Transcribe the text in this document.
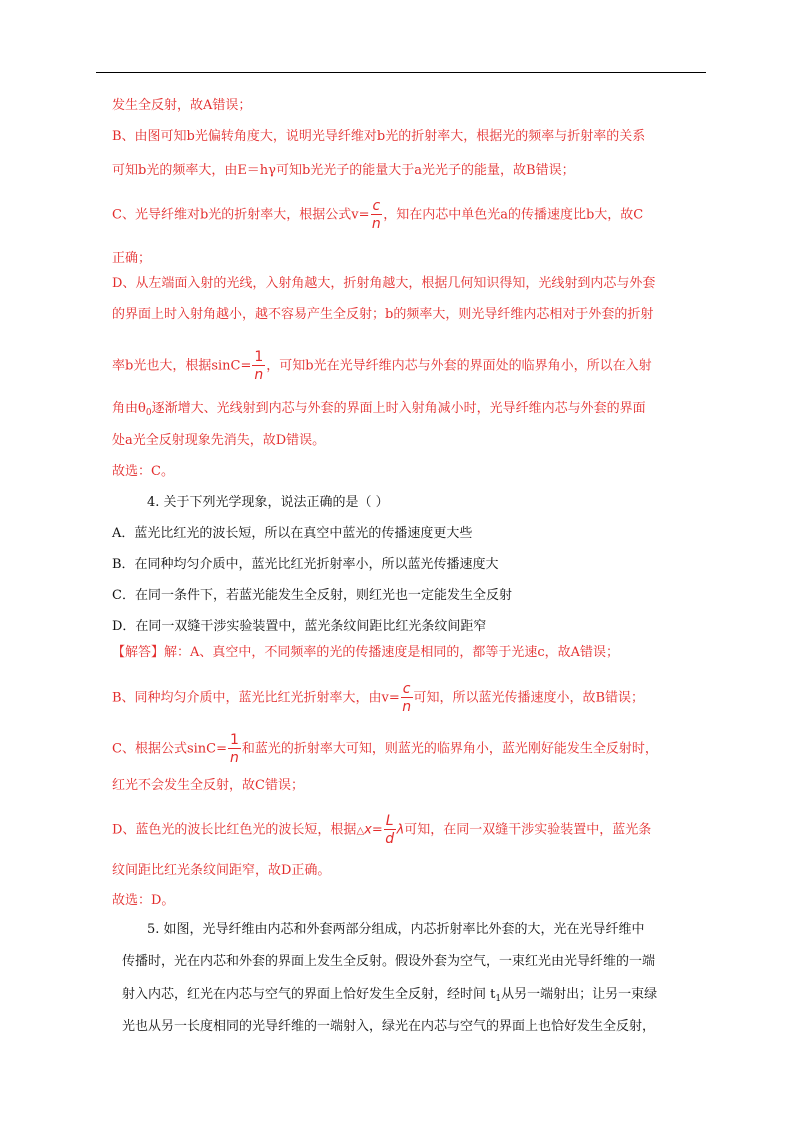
发生全反射，故A错误；
B、由图可知b光偏转角度大，说明光导纤维对b光的折射率大，根据光的频率与折射率的关系
可知b光的频率大，由E＝hγ可知b光光子的能量大于a光光子的能量，故B错误；
C、光导纤维对b光的折射率大，根据公式$v= \frac{c}{n}$ ，知在内芯中单色光a的传播速度比b大，故C
正确；
D、从左端面入射的光线，入射角越大，折射角越大，根据几何知识得知，光线射到内芯与外套
的界面上时入射角越小，越不容易产生全反射；b的频率大，则光导纤维内芯相对于外套的折射
率b光也大，根据$\sin C= \frac{1}{n}$ ，可知b光在光导纤维内芯与外套的界面处的临界角小，所以在入射
角由$\theta_0$逐渐增大、光线射到内芯与外套的界面上时入射角减小时，光导纤维内芯与外套的界面
处a光全反射现象先消失，故D错误。
故选：C。
4. 关于下列光学现象，说法正确的是（ ）
A．蓝光比红光的波长短，所以在真空中蓝光的传播速度更大些
B．在同种均匀介质中，蓝光比红光折射率小，所以蓝光传播速度大
C．在同一条件下，若蓝光能发生全反射，则红光也一定能发生全反射
D．在同一双缝干涉实验装置中，蓝光条纹间距比红光条纹间距窄
【解答】解：A、真空中，不同频率的光的传播速度是相同的，都等于光速c，故A错误；
B、同种均匀介质中，蓝光比红光折射率大，由$v= \frac{c}{n}$ 可知，所以蓝光传播速度小，故B错误；
C、根据公式$\sin C= \frac{1}{n}$ 和蓝光的折射率大可知，则蓝光的临界角小，蓝光刚好能发生全反射时，
红光不会发生全反射，故C错误；
D、蓝色光的波长比红色光的波长短，根据△x= $\frac{L}{d}$ λ可知，在同一双缝干涉实验装置中，蓝光条
纹间距比红光条纹间距窄，故D正确。
故选：D。
5. 如图，光导纤维由内芯和外套两部分组成，内芯折射率比外套的大，光在光导纤维中
传播时，光在内芯和外套的界面上发生全反射。假设外套为空气，一束红光由光导纤维的一端
射入内芯，红光在内芯与空气的界面上恰好发生全反射，经时间 $t_1$从另一端射出；让另一束绿
光也从另一长度相同的光导纤维的一端射入，绿光在内芯与空气的界面上也恰好发生全反射，
